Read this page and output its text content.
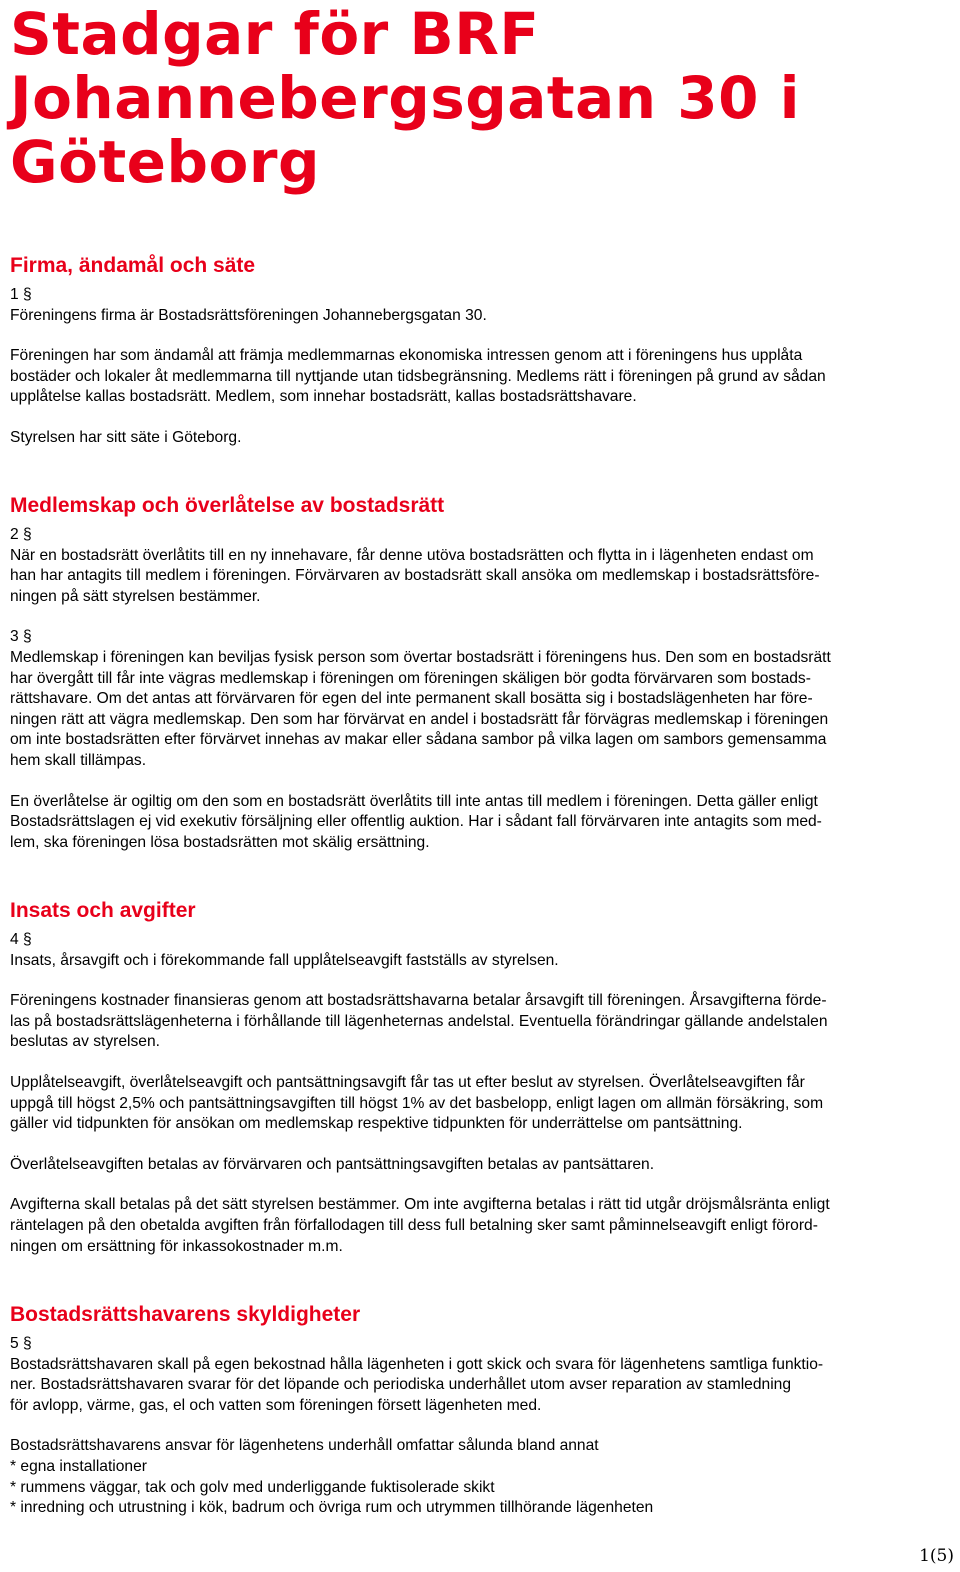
Stadgar för BRF
Johannebergsgatan 30 i
Göteborg
Firma, ändamål och säte

1 §
Föreningens firma är Bostadsrättsföreningen Johannebergsgatan 30.

Föreningen har som ändamål att främja medlemmarnas ekonomiska intressen genom att i föreningens hus upplåta
bostäder och lokaler åt medlemmarna till nyttjande utan tidsbegränsning. Medlems rätt i föreningen på grund av sådan
upplåtelse kallas bostadsrätt. Medlem, som innehar bostadsrätt, kallas bostadsrättshavare.

Styrelsen har sitt säte i Göteborg.

Medlemskap och överlåtelse av bostadsrätt

2 §
När en bostadsrätt överlåtits till en ny innehavare, får denne utöva bostadsrätten och flytta in i lägenheten endast om
han har antagits till medlem i föreningen. Förvärvaren av bostadsrätt skall ansöka om medlemskap i bostadsrättsföre-
ningen på sätt styrelsen bestämmer.

3 §
Medlemskap i föreningen kan beviljas fysisk person som övertar bostadsrätt i föreningens hus. Den som en bostadsrätt
har övergått till får inte vägras medlemskap i föreningen om föreningen skäligen bör godta förvärvaren som bostads-
rättshavare. Om det antas att förvärvaren för egen del inte permanent skall bosätta sig i bostadslägenheten har före-
ningen rätt att vägra medlemskap. Den som har förvärvat en andel i bostadsrätt får förvägras medlemskap i föreningen
om inte bostadsrätten efter förvärvet innehas av makar eller sådana sambor på vilka lagen om sambors gemensamma
hem skall tillämpas.

En överlåtelse är ogiltig om den som en bostadsrätt överlåtits till inte antas till medlem i föreningen. Detta gäller enligt
Bostadsrättslagen ej vid exekutiv försäljning eller offentlig auktion. Har i sådant fall förvärvaren inte antagits som med-
lem, ska föreningen lösa bostadsrätten mot skälig ersättning.

Insats och avgifter

4 §
Insats, årsavgift och i förekommande fall upplåtelseavgift fastställs av styrelsen.

Föreningens kostnader finansieras genom att bostadsrättshavarna betalar årsavgift till föreningen. Årsavgifterna förde-
las på bostadsrättslägenheterna i förhållande till lägenheternas andelstal. Eventuella förändringar gällande andelstalen
beslutas av styrelsen.

Upplåtelseavgift, överlåtelseavgift och pantsättningsavgift får tas ut efter beslut av styrelsen. Överlåtelseavgiften får
uppgå till högst 2,5% och pantsättningsavgiften till högst 1% av det basbelopp, enligt lagen om allmän försäkring, som
gäller vid tidpunkten för ansökan om medlemskap respektive tidpunkten för underrättelse om pantsättning.

Överlåtelseavgiften betalas av förvärvaren och pantsättningsavgiften betalas av pantsättaren.

Avgifterna skall betalas på det sätt styrelsen bestämmer. Om inte avgifterna betalas i rätt tid utgår dröjsmålsränta enligt
räntelagen på den obetalda avgiften från förfallodagen till dess full betalning sker samt påminnelseavgift enligt förord-
ningen om ersättning för inkassokostnader m.m.

Bostadsrättshavarens skyldigheter

5 §
Bostadsrättshavaren skall på egen bekostnad hålla lägenheten i gott skick och svara för lägenhetens samtliga funktio-
ner. Bostadsrättshavaren svarar för det löpande och periodiska underhållet utom avser reparation av stamledning
för avlopp, värme, gas, el och vatten som föreningen försett lägenheten med.

Bostadsrättshavarens ansvar för lägenhetens underhåll omfattar sålunda bland annat
* egna installationer
* rummens väggar, tak och golv med underliggande fuktisolerade skikt
* inredning och utrustning i kök, badrum och övriga rum och utrymmen tillhörande lägenheten

1(5)
